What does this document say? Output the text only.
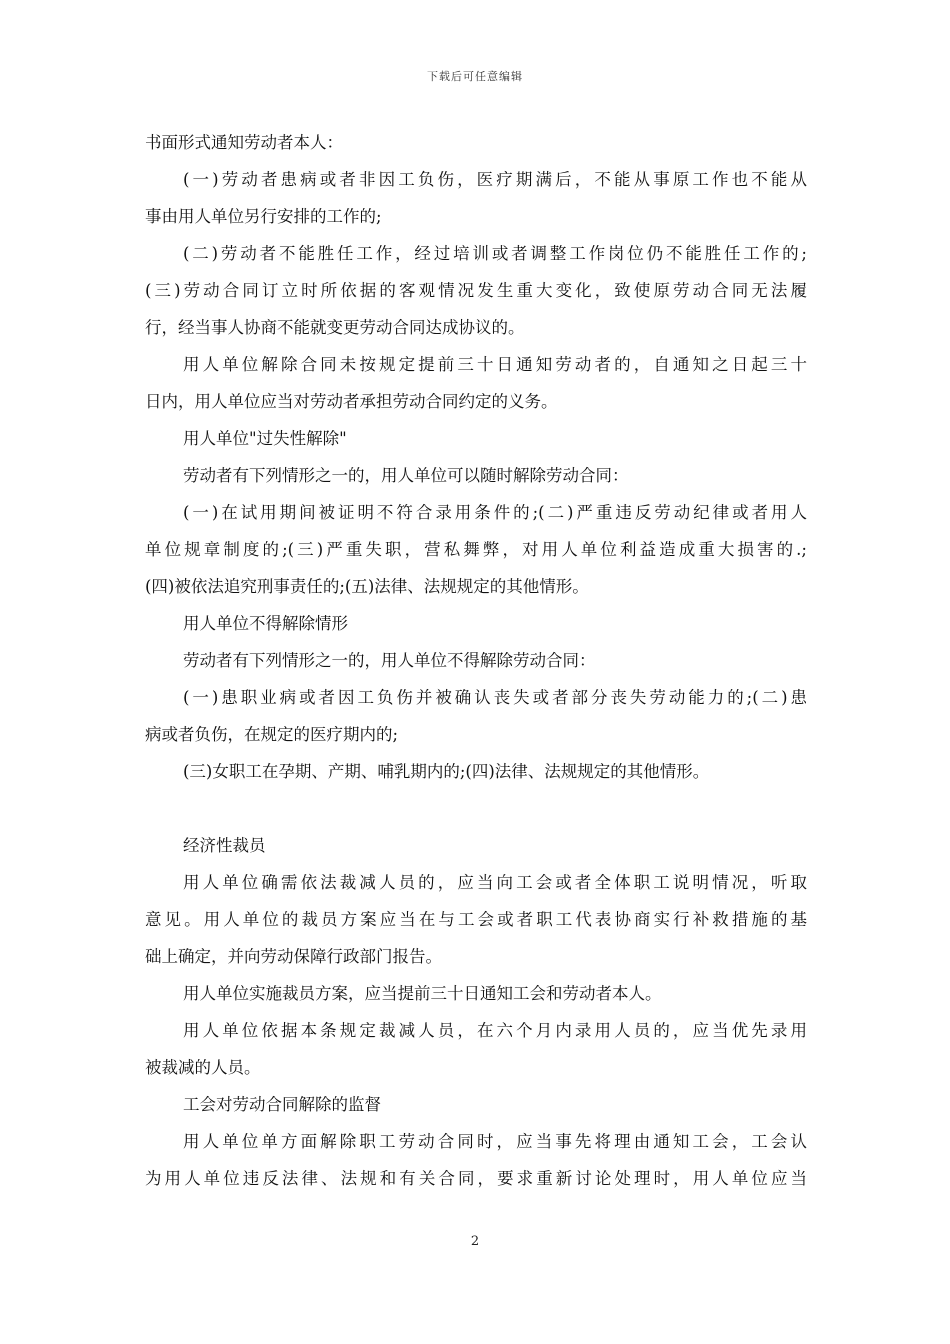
下载后可任意编辑
书面形式通知劳动者本人：
(一)劳动者患病或者非因工负伤，医疗期满后，不能从事原工作也不能从
事由用人单位另行安排的工作的;
(二)劳动者不能胜任工作，经过培训或者调整工作岗位仍不能胜任工作的;
(三)劳动合同订立时所依据的客观情况发生重大变化，致使原劳动合同无法履
行，经当事人协商不能就变更劳动合同达成协议的。
用人单位解除合同未按规定提前三十日通知劳动者的，自通知之日起三十
日内，用人单位应当对劳动者承担劳动合同约定的义务。
用人单位"过失性解除"
劳动者有下列情形之一的，用人单位可以随时解除劳动合同：
(一)在试用期间被证明不符合录用条件的;(二)严重违反劳动纪律或者用人
单位规章制度的;(三)严重失职，营私舞弊，对用人单位利益造成重大损害的.;
(四)被依法追究刑事责任的;(五)法律、法规规定的其他情形。
用人单位不得解除情形
劳动者有下列情形之一的，用人单位不得解除劳动合同：
(一)患职业病或者因工负伤并被确认丧失或者部分丧失劳动能力的;(二)患
病或者负伤，在规定的医疗期内的;
(三)女职工在孕期、产期、哺乳期内的;(四)法律、法规规定的其他情形。
经济性裁员
用人单位确需依法裁减人员的，应当向工会或者全体职工说明情况，听取
意见。用人单位的裁员方案应当在与工会或者职工代表协商实行补救措施的基
础上确定，并向劳动保障行政部门报告。
用人单位实施裁员方案，应当提前三十日通知工会和劳动者本人。
用人单位依据本条规定裁减人员，在六个月内录用人员的，应当优先录用
被裁减的人员。
工会对劳动合同解除的监督
用人单位单方面解除职工劳动合同时，应当事先将理由通知工会，工会认
为用人单位违反法律、法规和有关合同，要求重新讨论处理时，用人单位应当
2
